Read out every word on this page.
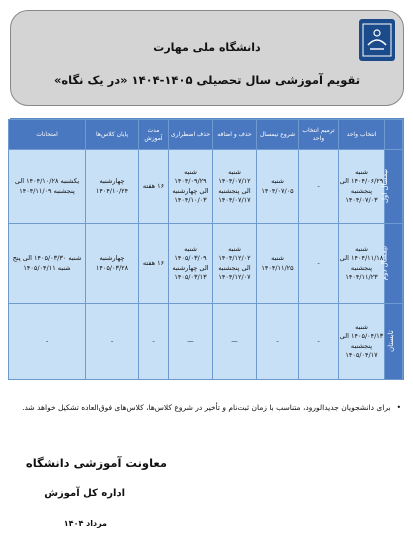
دانشگاه ملی مهارت
تقویم آموزشی سال تحصیلی ۱۴۰۵-۱۴۰۴ «در یک نگاه»
	انتخاب واحد	ترمیم انتخاب واحد	شروع نیمسال	حذف و اضافه	حذف اضطراری	مدت آموزش	پایان کلاس‌ها	امتحانات
نیمسال اول	شنبه ۱۴۰۴/۰۶/۲۹ الی پنجشنبه ۱۴۰۴/۰۷/۰۳	-	شنبه ۱۴۰۴/۰۷/۰۵	شنبه ۱۴۰۴/۰۷/۱۲ الی پنجشنبه ۱۴۰۴/۰۷/۱۷	شنبه ۱۴۰۴/۰۹/۲۹ الی چهارشنبه ۱۴۰۴/۱۰/۰۳	۱۶ هفته	چهارشنبه ۱۴۰۴/۱۰/۲۴	یکشنبه ۱۴۰۴/۱۰/۲۸ الی پنجشنبه ۱۴۰۴/۱۱/۰۹
نیمسال دوم	شنبه ۱۴۰۴/۱۱/۱۸ الی پنجشنبه ۱۴۰۴/۱۱/۲۳	-	شنبه ۱۴۰۴/۱۱/۲۵	شنبه ۱۴۰۴/۱۲/۰۲ الی پنجشنبه ۱۴۰۴/۱۲/۰۷	شنبه ۱۴۰۵/۰۳/۰۹ الی چهارشنبه ۱۴۰۵/۰۳/۱۳	۱۶ هفته	چهارشنبه ۱۴۰۵/۰۳/۲۸	شنبه ۱۴۰۵/۰۳/۳۰ الی پنج شنبه ۱۴۰۵/۰۴/۱۱
تابستان	شنبه ۱۴۰۵/۰۴/۱۳ الی پنجشنبه ۱۴۰۵/۰۴/۱۷	-	-	—	—	-	-	-
•برای دانشجویان جدیدالورود، متناسب با زمان ثبت‌نام و تأخیر در شروع کلاس‌ها، کلاس‌های فوق‌العاده تشکیل خواهد شد.
معاونت آموزشی دانشگاه
اداره کل آموزش
مرداد ۱۴۰۴
